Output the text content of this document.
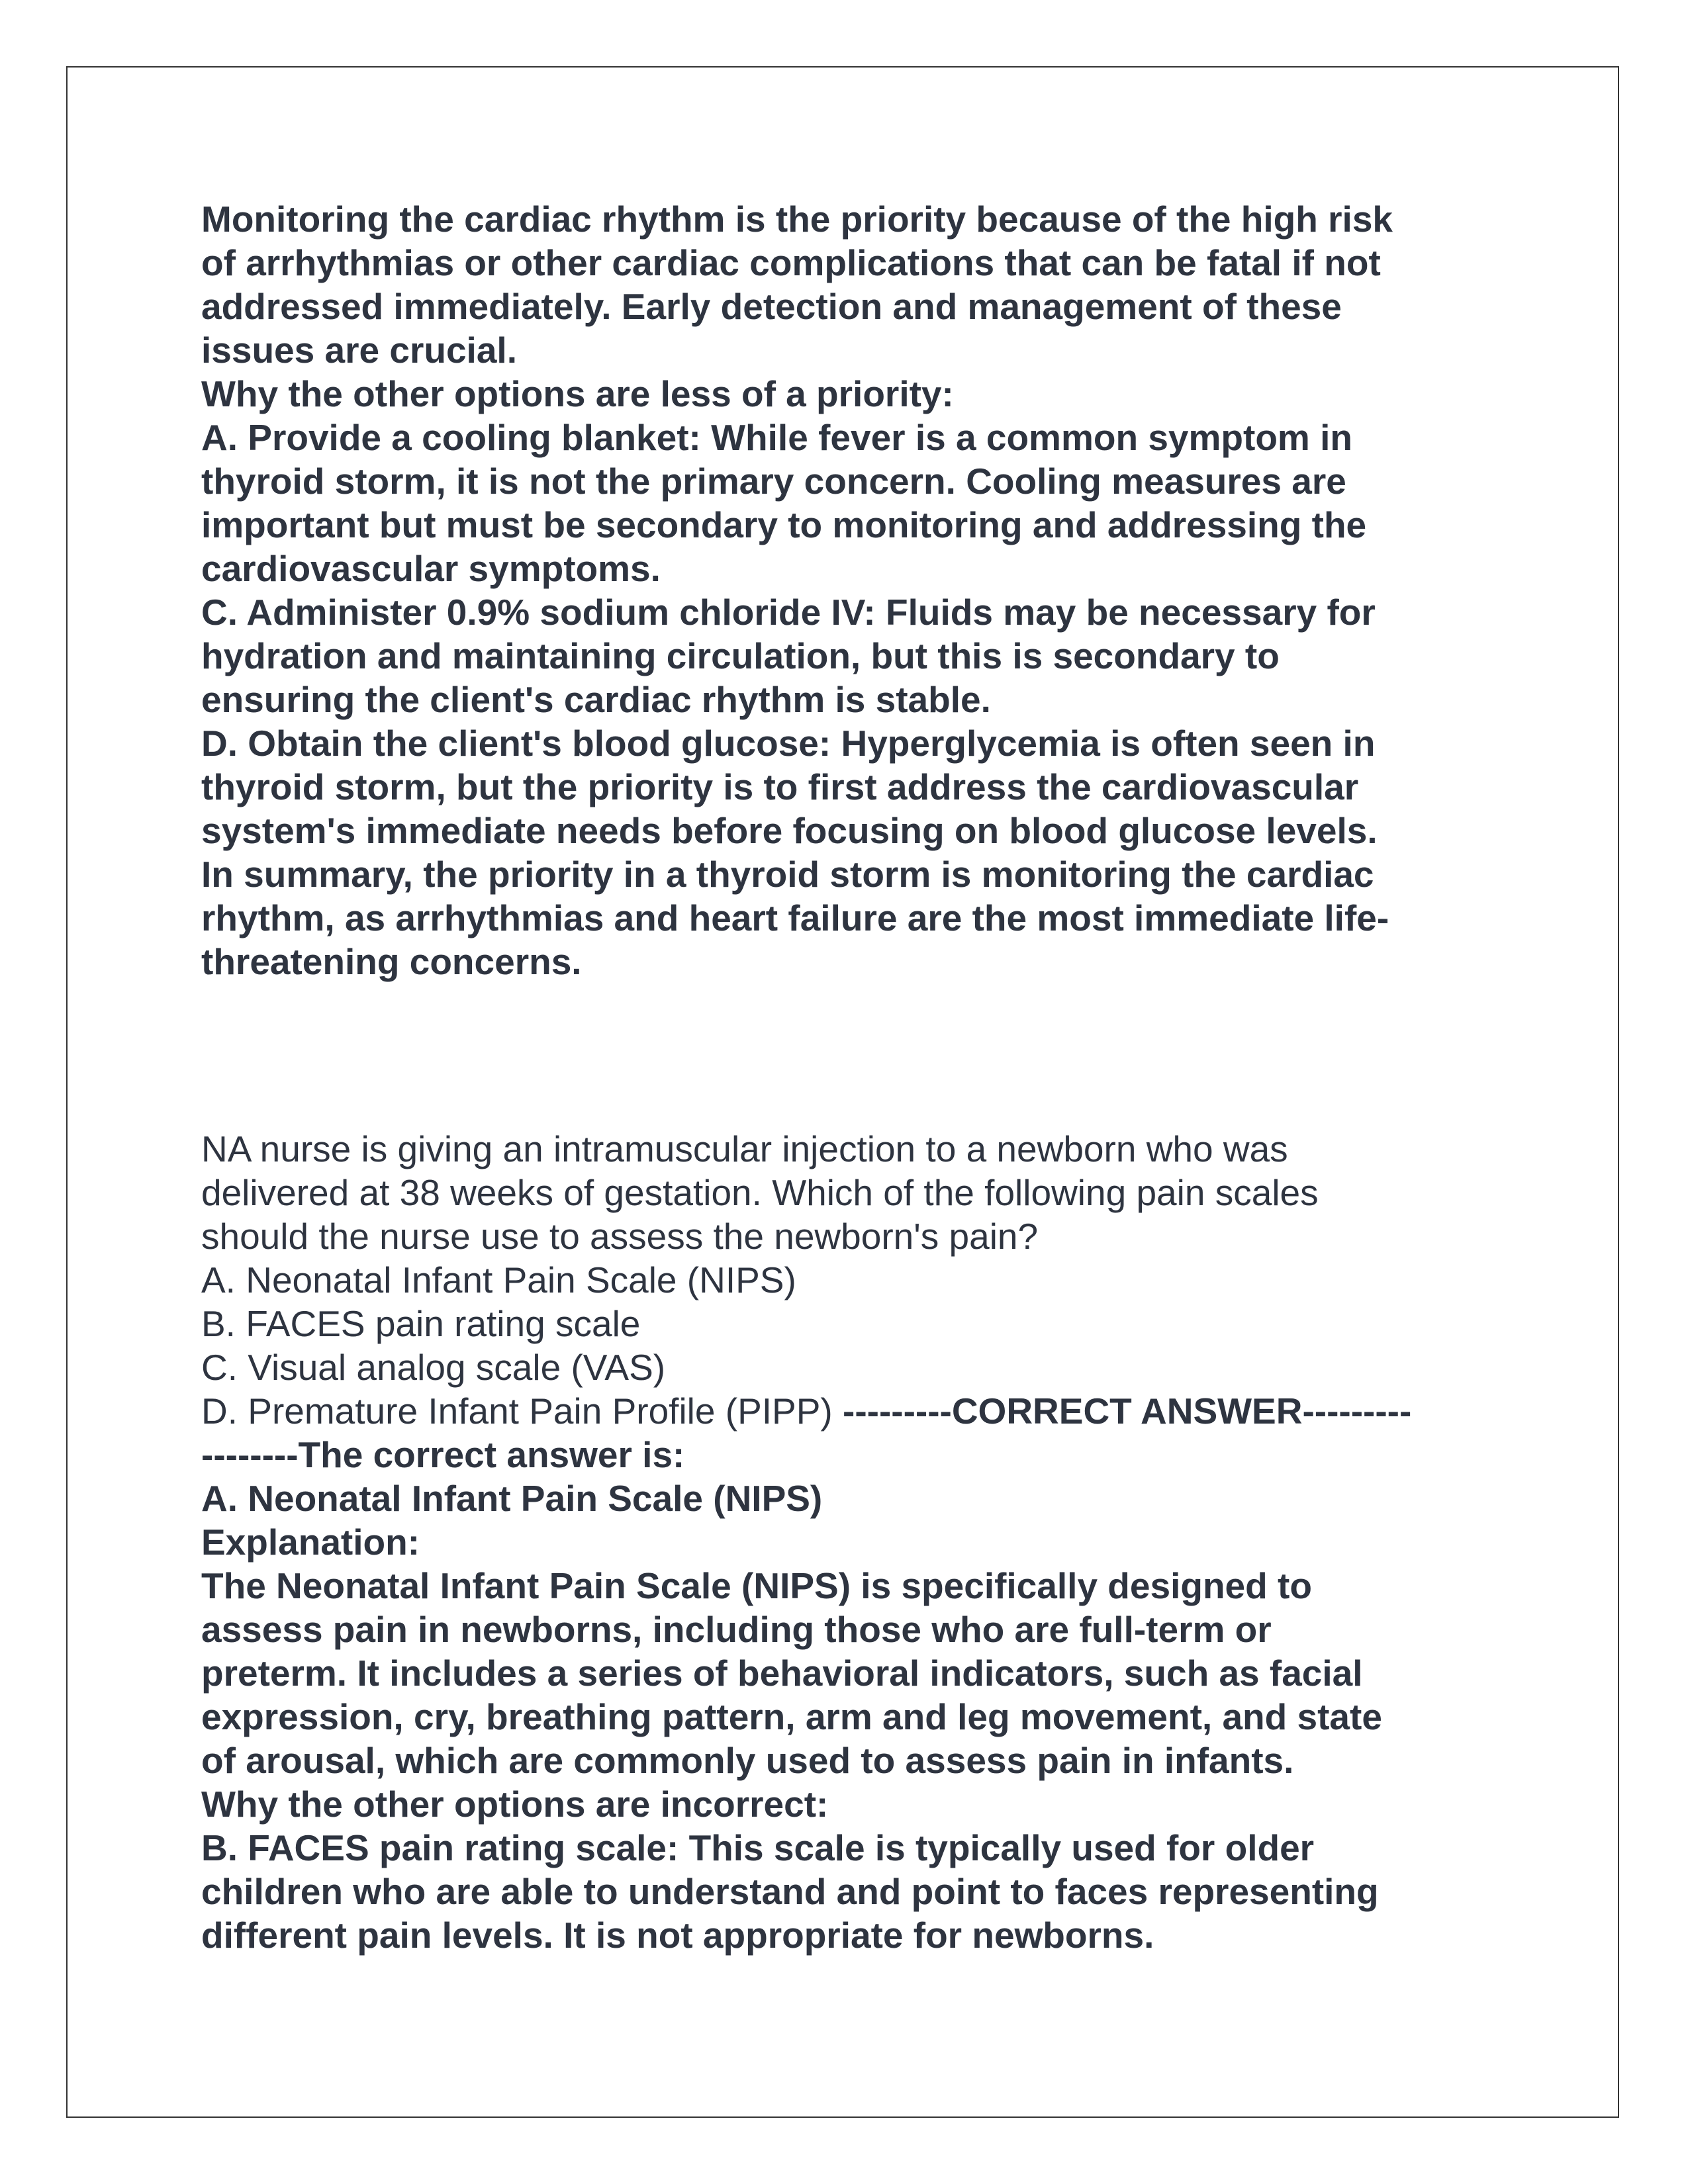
Monitoring the cardiac rhythm is the priority because of the high risk

of arrhythmias or other cardiac complications that can be fatal if not

addressed immediately. Early detection and management of these

issues are crucial.

Why the other options are less of a priority:

A. Provide a cooling blanket: While fever is a common symptom in

thyroid storm, it is not the primary concern. Cooling measures are

important but must be secondary to monitoring and addressing the

cardiovascular symptoms.

C. Administer 0.9% sodium chloride IV: Fluids may be necessary for

hydration and maintaining circulation, but this is secondary to

ensuring the client's cardiac rhythm is stable.

D. Obtain the client's blood glucose: Hyperglycemia is often seen in

thyroid storm, but the priority is to first address the cardiovascular

system's immediate needs before focusing on blood glucose levels.

In summary, the priority in a thyroid storm is monitoring the cardiac

rhythm, as arrhythmias and heart failure are the most immediate life-

threatening concerns.

NA nurse is giving an intramuscular injection to a newborn who was

delivered at 38 weeks of gestation. Which of the following pain scales

should the nurse use to assess the newborn's pain?

A. Neonatal Infant Pain Scale (NIPS)

B. FACES pain rating scale

C. Visual analog scale (VAS)

D. Premature Infant Pain Profile (PIPP) ---------CORRECT ANSWER---------

--------The correct answer is:

A. Neonatal Infant Pain Scale (NIPS)

Explanation:

The Neonatal Infant Pain Scale (NIPS) is specifically designed to

assess pain in newborns, including those who are full-term or

preterm. It includes a series of behavioral indicators, such as facial

expression, cry, breathing pattern, arm and leg movement, and state

of arousal, which are commonly used to assess pain in infants.

Why the other options are incorrect:

B. FACES pain rating scale: This scale is typically used for older

children who are able to understand and point to faces representing

different pain levels. It is not appropriate for newborns.
